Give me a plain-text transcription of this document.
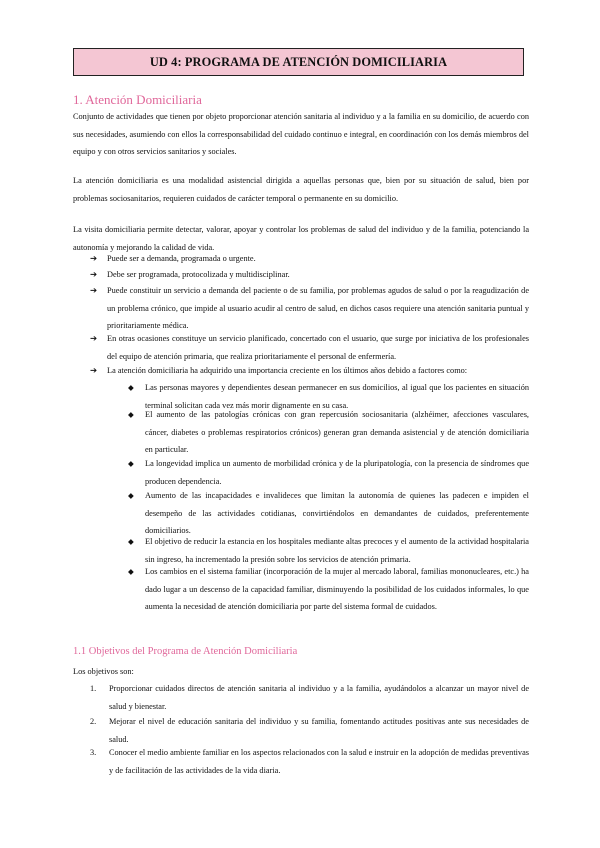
UD 4: PROGRAMA DE ATENCIÓN DOMICILIARIA
1. Atención Domiciliaria

Conjunto de actividades que tienen por objeto proporcionar atención sanitaria al individuo y a la familia en su domicilio, de acuerdo con sus necesidades, asumiendo con ellos la corresponsabilidad del cuidado continuo e integral, en coordinación con los demás miembros del equipo y con otros servicios sanitarios y sociales.

La atención domiciliaria es una modalidad asistencial dirigida a aquellas personas que, bien por su situación de salud, bien por problemas sociosanitarios, requieren cuidados de carácter temporal o permanente en su domicilio.

La visita domiciliaria permite detectar, valorar, apoyar y controlar los problemas de salud del individuo y de la familia, potenciando la autonomía y mejorando la calidad de vida.

➔ Puede ser a demanda, programada o urgente.

➔ Debe ser programada, protocolizada y multidisciplinar.

➔ Puede constituir un servicio a demanda del paciente o de su familia, por problemas agudos de salud o por la reagudización de un problema crónico, que impide al usuario acudir al centro de salud, en dichos casos requiere una atención sanitaria puntual y prioritariamente médica.

➔ En otras ocasiones constituye un servicio planificado, concertado con el usuario, que surge por iniciativa de los profesionales del equipo de atención primaria, que realiza prioritariamente el personal de enfermería.

➔ La atención domiciliaria ha adquirido una importancia creciente en los últimos años debido a factores como:

◆ Las personas mayores y dependientes desean permanecer en sus domicilios, al igual que los pacientes en situación terminal solicitan cada vez más morir dignamente en su casa.

◆ El aumento de las patologías crónicas con gran repercusión sociosanitaria (alzhéimer, afecciones vasculares, cáncer, diabetes o problemas respiratorios crónicos) generan gran demanda asistencial y de atención domiciliaria en particular.

◆ La longevidad implica un aumento de morbilidad crónica y de la pluripatología, con la presencia de síndromes que producen dependencia.

◆ Aumento de las incapacidades e invalideces que limitan la autonomía de quienes las padecen e impiden el desempeño de las actividades cotidianas, convirtiéndolos en demandantes de cuidados, preferentemente domiciliarios.

◆ El objetivo de reducir la estancia en los hospitales mediante altas precoces y el aumento de la actividad hospitalaria sin ingreso, ha incrementado la presión sobre los servicios de atención primaria.

◆ Los cambios en el sistema familiar (incorporación de la mujer al mercado laboral, familias mononucleares, etc.) ha dado lugar a un descenso de la capacidad familiar, disminuyendo la posibilidad de los cuidados informales, lo que aumenta la necesidad de atención domiciliaria por parte del sistema formal de cuidados.

1.1 Objetivos del Programa de Atención Domiciliaria

Los objetivos son:

1. Proporcionar cuidados directos de atención sanitaria al individuo y a la familia, ayudándolos a alcanzar un mayor nivel de salud y bienestar.

2. Mejorar el nivel de educación sanitaria del individuo y su familia, fomentando actitudes positivas ante sus necesidades de salud.

3. Conocer el medio ambiente familiar en los aspectos relacionados con la salud e instruir en la adopción de medidas preventivas y de facilitación de las actividades de la vida diaria.
